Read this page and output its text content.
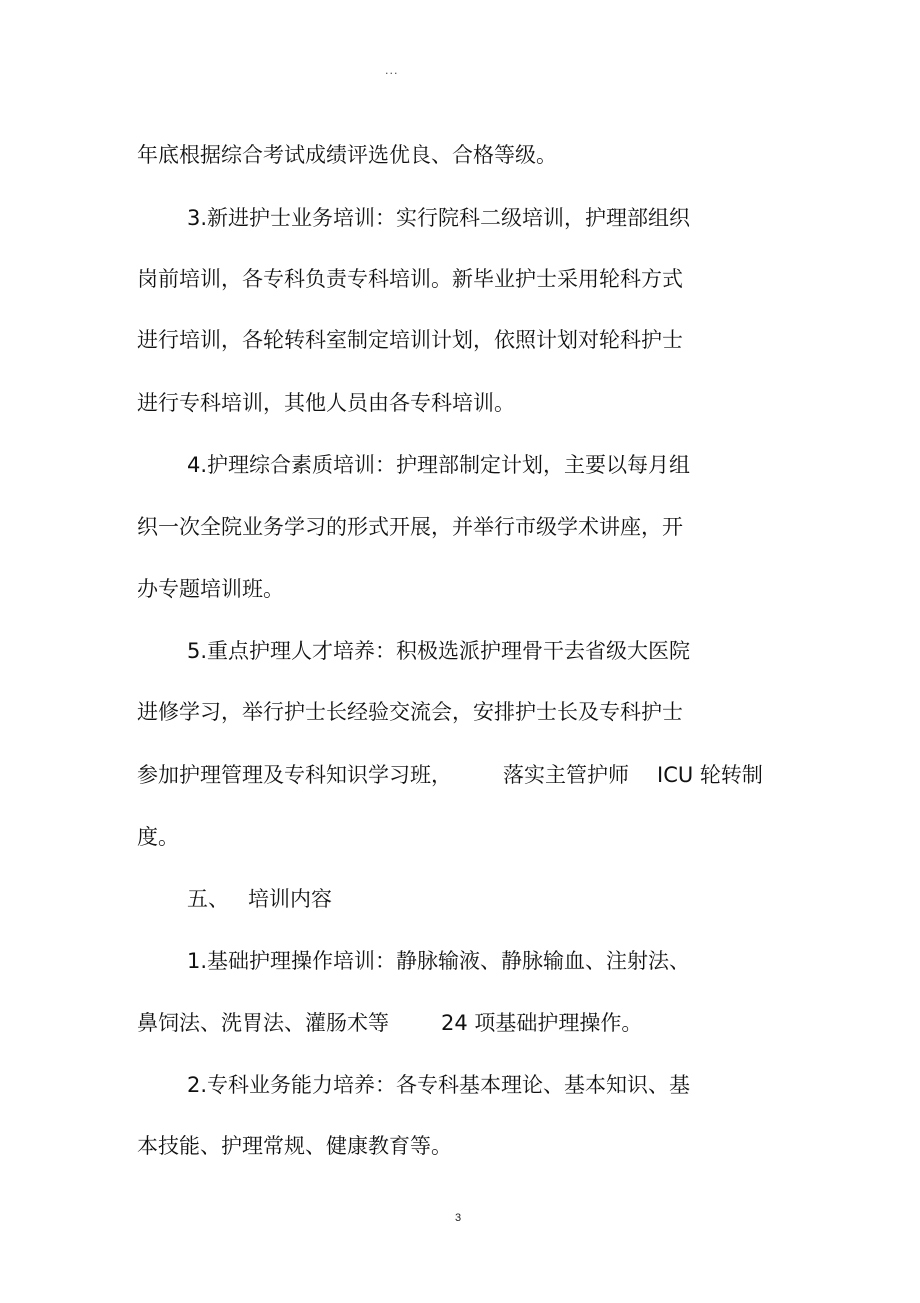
...
年底根据综合考试成绩评选优良、合格等级。
3.新进护士业务培训：实行院科二级培训，护理部组织
岗前培训，各专科负责专科培训。新毕业护士采用轮科方式
进行培训，各轮转科室制定培训计划，依照计划对轮科护士
进行专科培训，其他人员由各专科培训。
4.护理综合素质培训：护理部制定计划，主要以每月组
织一次全院业务学习的形式开展，并举行市级学术讲座，开
办专题培训班。
5.重点护理人才培养：积极选派护理骨干去省级大医院
进修学习，举行护士长经验交流会，安排护士长及专科护士
参加护理管理及专科知识学习班， 落实主管护师 ICU 轮转制
度。
五、 培训内容
1.基础护理操作培训：静脉输液、静脉输血、注射法、
鼻饲法、洗胃法、灌肠术等 24 项基础护理操作。
2.专科业务能力培养：各专科基本理论、基本知识、基
本技能、护理常规、健康教育等。
3
